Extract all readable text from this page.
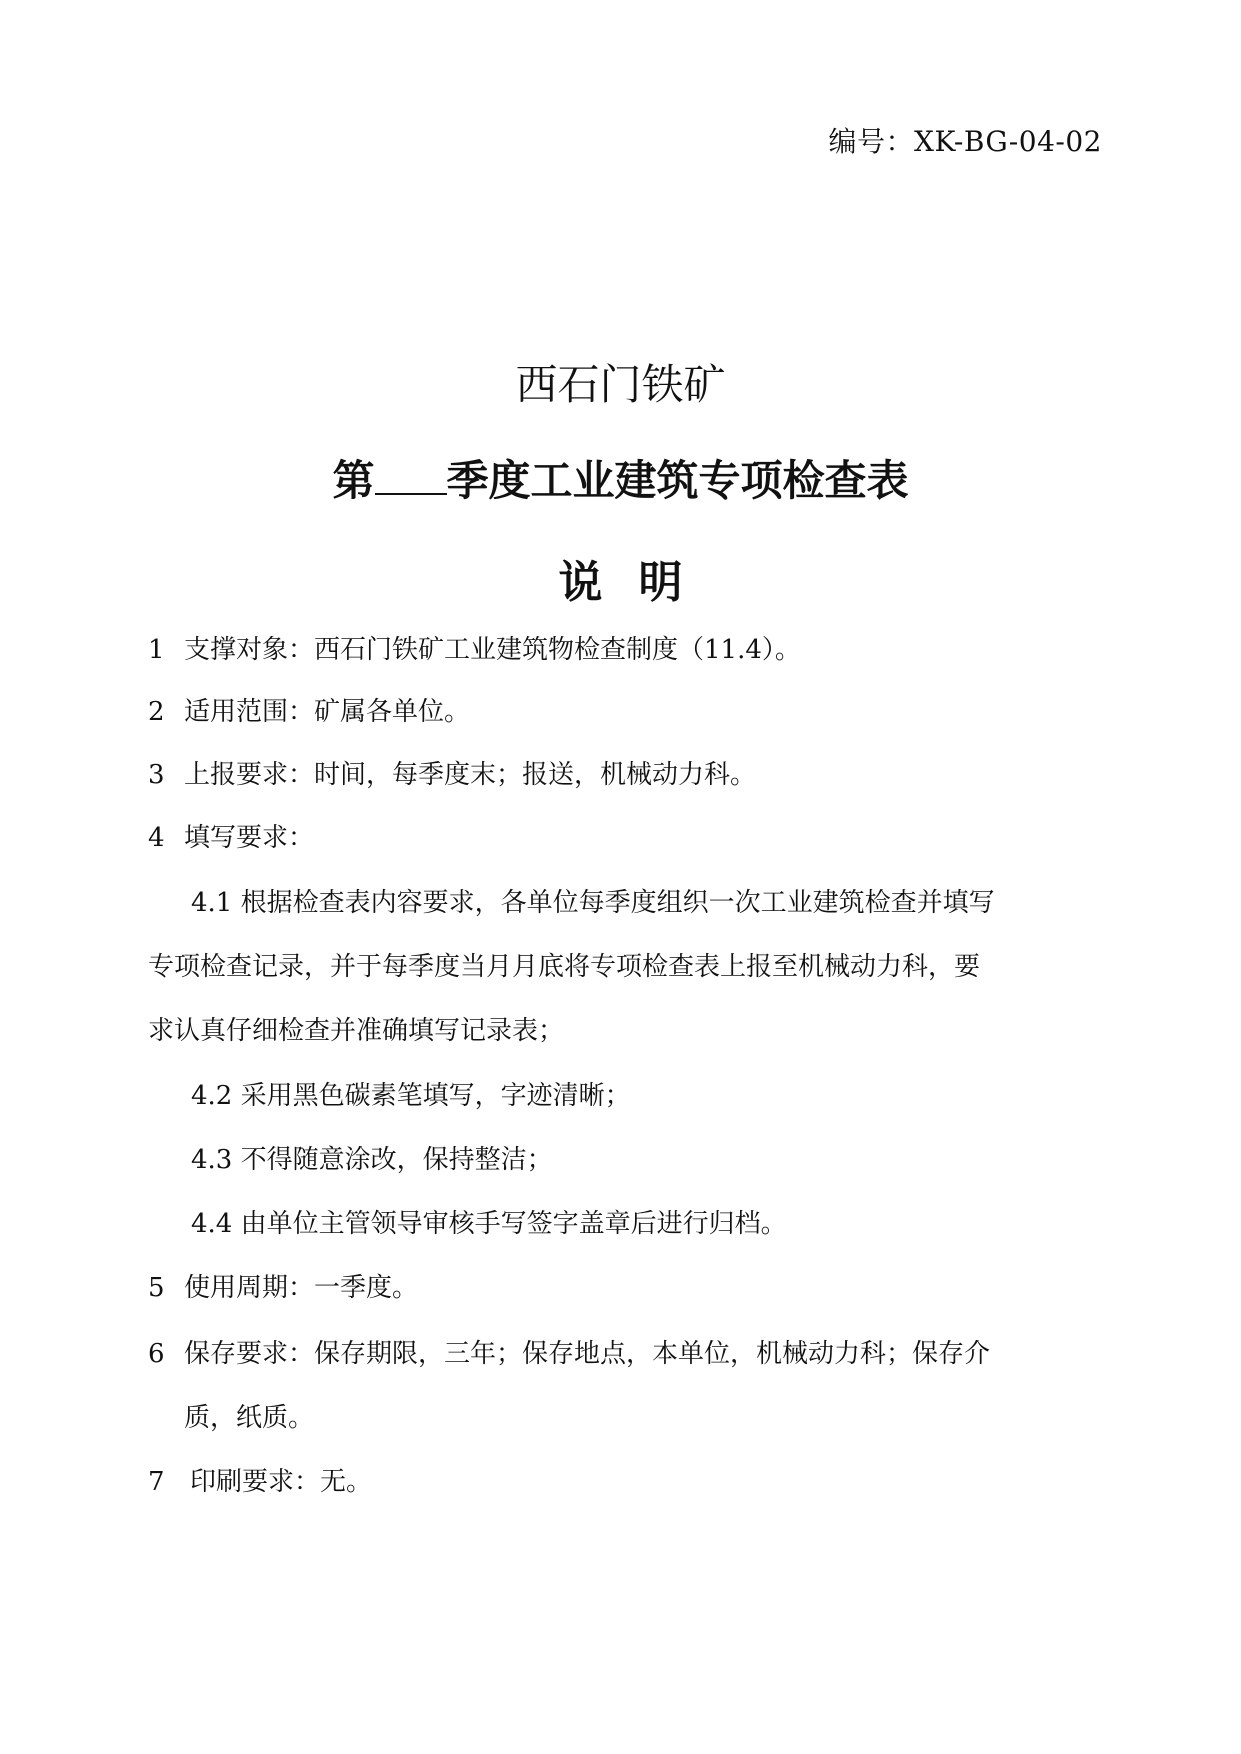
编号：XK-BG-04-02
西石门铁矿
第 季度工业建筑专项检查表
说明
1 支撑对象：西石门铁矿工业建筑物检查制度（11.4）。
2 适用范围：矿属各单位。
3 上报要求：时间，每季度末；报送，机械动力科。
4 填写要求：
4.1 根据检查表内容要求，各单位每季度组织一次工业建筑检查并填写
专项检查记录，并于每季度当月月底将专项检查表上报至机械动力科，要
求认真仔细检查并准确填写记录表；
4.2 采用黑色碳素笔填写，字迹清晰；
4.3 不得随意涂改，保持整洁；
4.4 由单位主管领导审核手写签字盖章后进行归档。
5 使用周期：一季度。
6 保存要求：保存期限，三年；保存地点，本单位，机械动力科；保存介
质，纸质。
7 印刷要求：无。
